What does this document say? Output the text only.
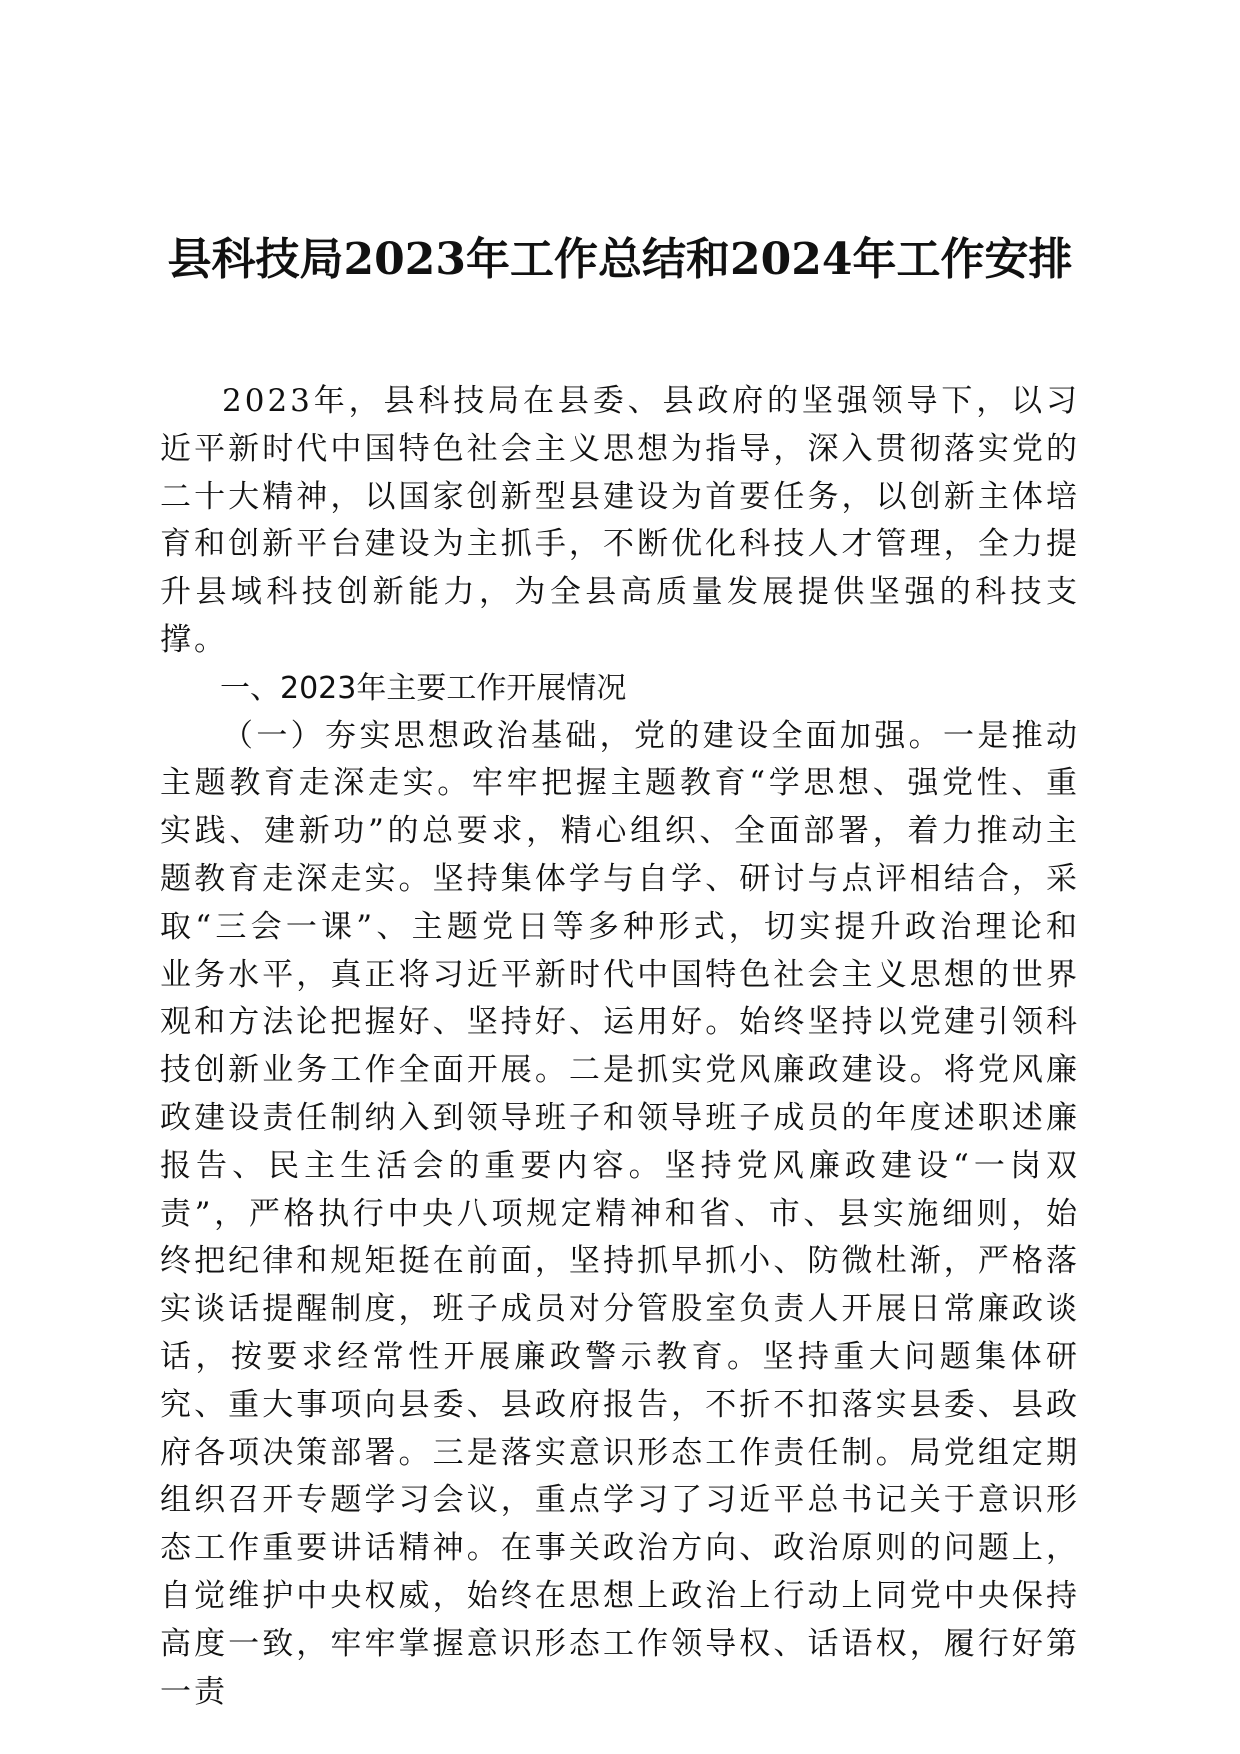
县科技局2023年工作总结和2024年工作安排

2023年，县科技局在县委、县政府的坚强领导下，以习近平新时代中国特色社会主义思想为指导，深入贯彻落实党的二十大精神，以国家创新型县建设为首要任务，以创新主体培育和创新平台建设为主抓手，不断优化科技人才管理，全力提升县域科技创新能力，为全县高质量发展提供坚强的科技支撑。

一、2023年主要工作开展情况

（一）夯实思想政治基础，党的建设全面加强。一是推动主题教育走深走实。牢牢把握主题教育“学思想、强党性、重实践、建新功”的总要求，精心组织、全面部署，着力推动主题教育走深走实。坚持集体学与自学、研讨与点评相结合，采取“三会一课”、主题党日等多种形式，切实提升政治理论和业务水平，真正将习近平新时代中国特色社会主义思想的世界观和方法论把握好、坚持好、运用好。始终坚持以党建引领科技创新业务工作全面开展。二是抓实党风廉政建设。将党风廉政建设责任制纳入到领导班子和领导班子成员的年度述职述廉报告、民主生活会的重要内容。坚持党风廉政建设“一岗双责”，严格执行中央八项规定精神和省、市、县实施细则，始终把纪律和规矩挺在前面，坚持抓早抓小、防微杜渐，严格落实谈话提醒制度，班子成员对分管股室负责人开展日常廉政谈话，按要求经常性开展廉政警示教育。坚持重大问题集体研究、重大事项向县委、县政府报告，不折不扣落实县委、县政府各项决策部署。三是落实意识形态工作责任制。局党组定期组织召开专题学习会议，重点学习了习近平总书记关于意识形态工作重要讲话精神。在事关政治方向、政治原则的问题上，自觉维护中央权威，始终在思想上政治上行动上同党中央保持高度一致，牢牢掌握意识形态工作领导权、话语权，履行好第一责
